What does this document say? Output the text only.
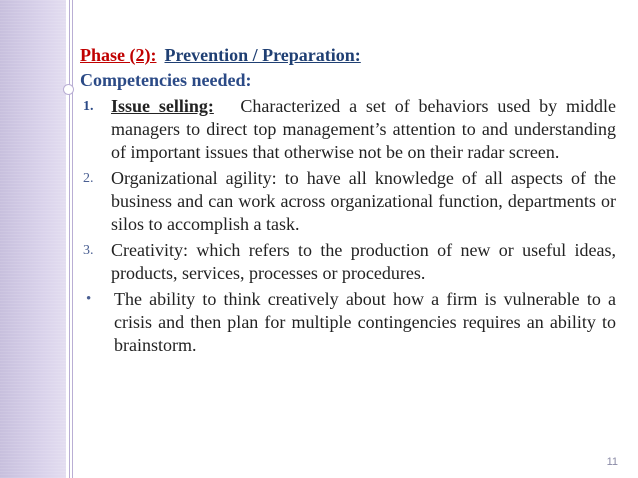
Phase (2): Prevention / Preparation:
Competencies needed:
1. Issue selling: Characterized a set of behaviors used by middle managers to direct top management’s attention to and understanding of important issues that otherwise not be on their radar screen.
2. Organizational agility: to have all knowledge of all aspects of the business and can work across organizational function, departments or silos to accomplish a task.
3. Creativity: which refers to the production of new or useful ideas, products, services, processes or procedures.
•	The ability to think creatively about how a firm is vulnerable to a crisis and then plan for multiple contingencies requires an ability to brainstorm.
11
